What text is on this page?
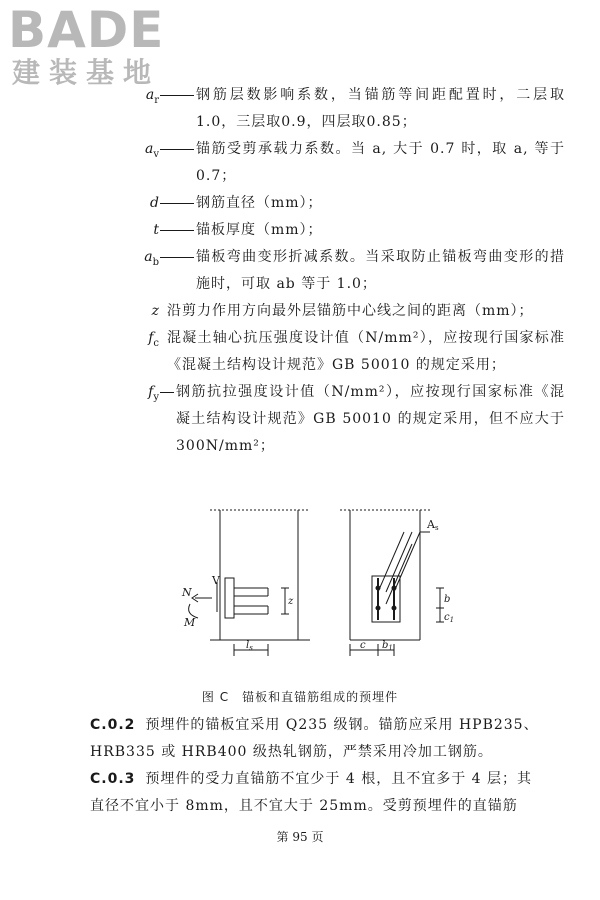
BADE

建装基地

$a_r$	钢筋层数影响系数，当锚筋等间距配置时，二层取1.0，三层取0.9，四层取0.85；
$a_v$	锚筋受剪承载力系数。当 a, 大于 0.7 时，取 a, 等于0.7；
d	钢筋直径（mm）；
t	锚板厚度（mm）；
$a_b$	锚板弯曲变形折减系数。当采取防止锚板弯曲变形的措施时，可取 ab 等于 1.0；
z 沿剪力作用方向最外层锚筋中心线之间的距离（mm）；
$f_c$ 混凝土轴心抗压强度设计值（N/mm²），应按现行国家标准《混凝土结构设计规范》GB 50010 的规定采用；
$f_y$ 钢筋抗拉强度设计值（N/mm²），应按现行国家标准《混凝土结构设计规范》GB 50010 的规定采用，但不应大于 300N/mm²；
V
N
M
z
$l_s$
As
b
$c_1$
c $b_1$
图 C　锚板和直锚筋组成的预埋件
C.0.2 预埋件的锚板宜采用 Q235 级钢。锚筋应采用 HPB235、HRB335 或 HRB400 级热轧钢筋，严禁采用冷加工钢筋。
C.0.3 预埋件的受力直锚筋不宜少于 4 根，且不宜多于 4 层；其直径不宜小于 8mm，且不宜大于 25mm。受剪预埋件的直锚筋
第 95 页
